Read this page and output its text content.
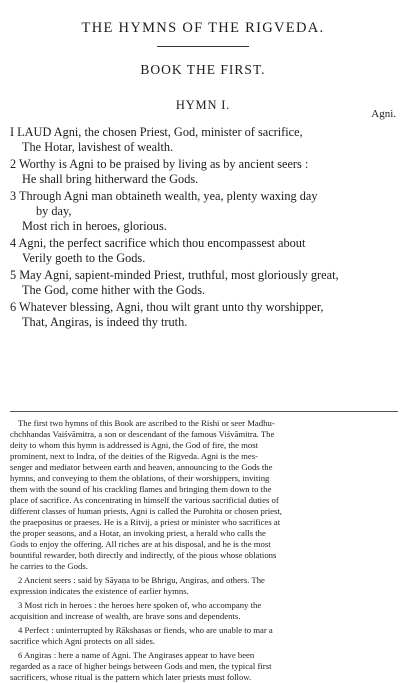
THE HYMNS OF THE RIGVEDA.
BOOK THE FIRST.
HYMN I.
Agni.
I LAUD Agni, the chosen Priest, God, minister of sacrifice,
The Hotar, lavishest of wealth.
2 Worthy is Agni to be praised by living as by ancient seers :
He shall bring hitherward the Gods.
3 Through Agni man obtaineth wealth, yea, plenty waxing day
by day,
Most rich in heroes, glorious.
4 Agni, the perfect sacrifice which thou encompassest about
Verily goeth to the Gods.
5 May Agni, sapient-minded Priest, truthful, most gloriously great,
The God, come hither with the Gods.
6 Whatever blessing, Agni, thou wilt grant unto thy worshipper,
That, Angiras, is indeed thy truth.
The first two hymns of this Book are ascribed to the Rishi or seer Madhu-
chchhandas Vaiśvāmitra, a son or descendant of the famous Viśvāmitra. The
deity to whom this hymn is addressed is Agni, the God of fire, the most
prominent, next to Indra, of the deities of the Rigveda. Agni is the mes-
senger and mediator between earth and heaven, announcing to the Gods the
hymns, and conveying to them the oblations, of their worshippers, inviting
them with the sound of his crackling flames and bringing them down to the
place of sacrifice. As concentrating in himself the various sacrificial duties of
different classes of human priests, Agni is called the Purohita or chosen priest,
the praepositus or praeses. He is a Ritvij, a priest or minister who sacrifices at
the proper seasons, and a Hotar, an invoking priest, a herald who calls the
Gods to enjoy the offering. All riches are at his disposal, and he is the most
bountiful rewarder, both directly and indirectly, of the pious whose oblations
he carries to the Gods.
2 Ancient seers : said by Sāyaṇa to be Bhrigu, Angiras, and others. The
expression indicates the existence of earlier hymns.
3 Most rich in heroes : the heroes here spoken of, who accompany the
acquisition and increase of wealth, are brave sons and dependents.
4 Perfect : uninterrupted by Rākshasas or fiends, who are unable to mar a
sacrifice which Agni protects on all sides.
6 Angiras : here a name of Agni. The Angirases appear to have been
regarded as a race of higher beings between Gods and men, the typical first
sacrificers, whose ritual is the pattern which later priests must follow.
